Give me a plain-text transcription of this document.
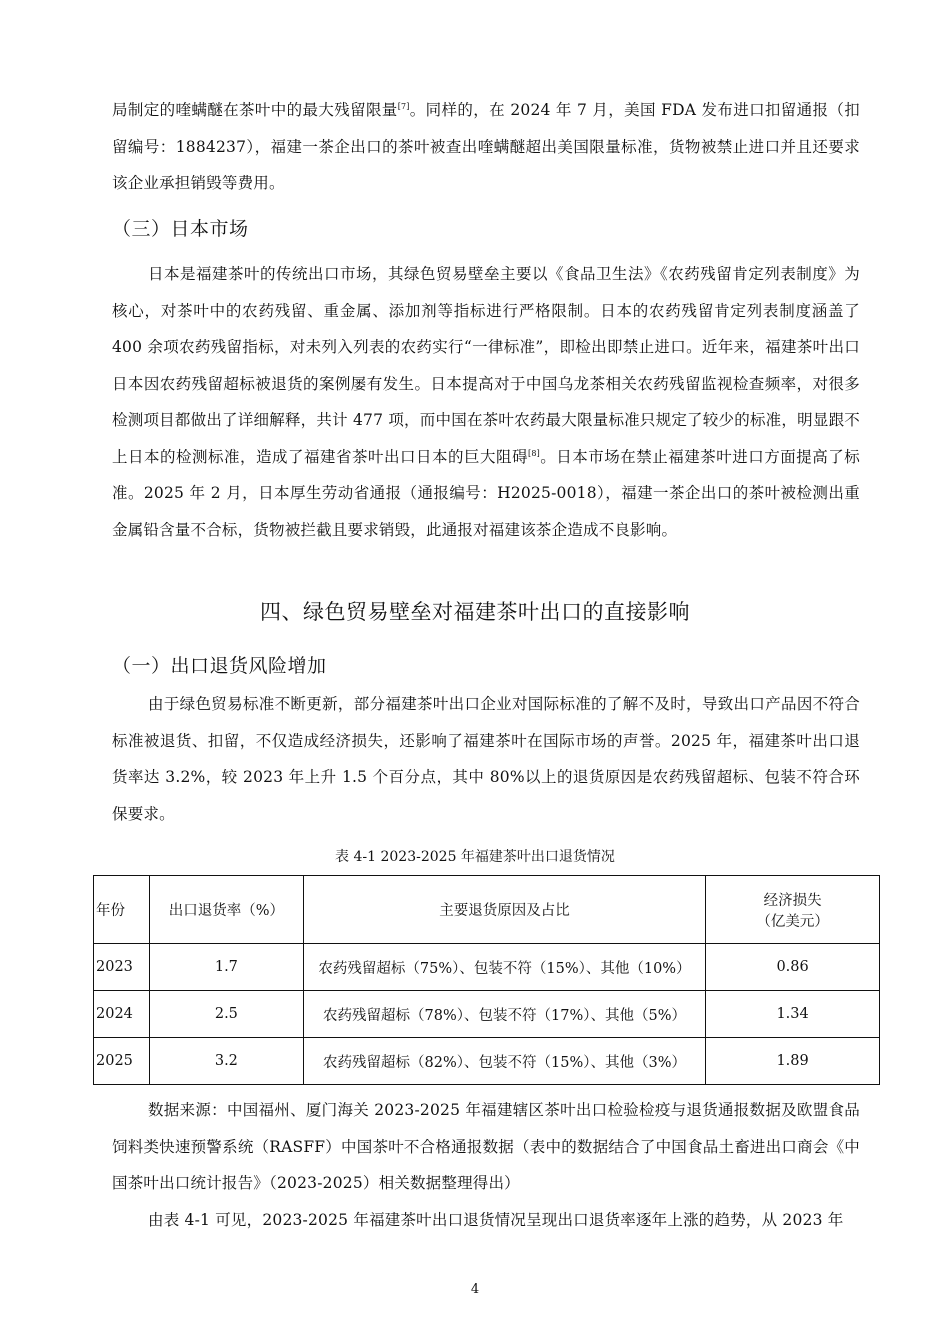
局制定的喹螨醚在茶叶中的最大残留限量[7]。同样的，在 2024 年 7 月，美国 FDA 发布进口扣留通报（扣留编号：1884237），福建一茶企出口的茶叶被查出喹螨醚超出美国限量标准，货物被禁止进口并且还要求该企业承担销毁等费用。

（三）日本市场

日本是福建茶叶的传统出口市场，其绿色贸易壁垒主要以《食品卫生法》《农药残留肯定列表制度》为核心，对茶叶中的农药残留、重金属、添加剂等指标进行严格限制。日本的农药残留肯定列表制度涵盖了 400 余项农药残留指标，对未列入列表的农药实行“一律标准”，即检出即禁止进口。近年来，福建茶叶出口日本因农药残留超标被退货的案例屡有发生。日本提高对于中国乌龙茶相关农药残留监视检查频率，对很多检测项目都做出了详细解释，共计 477 项，而中国在茶叶农药最大限量标准只规定了较少的标准，明显跟不上日本的检测标准，造成了福建省茶叶出口日本的巨大阻碍[8]。日本市场在禁止福建茶叶进口方面提高了标准。2025 年 2 月，日本厚生劳动省通报（通报编号：H2025-0018），福建一茶企出口的茶叶被检测出重金属铅含量不合标，货物被拦截且要求销毁，此通报对福建该茶企造成不良影响。

四、绿色贸易壁垒对福建茶叶出口的直接影响
（一）出口退货风险增加

由于绿色贸易标准不断更新，部分福建茶叶出口企业对国际标准的了解不及时，导致出口产品因不符合标准被退货、扣留，不仅造成经济损失，还影响了福建茶叶在国际市场的声誉。2025 年，福建茶叶出口退货率达 3.2%，较 2023 年上升 1.5 个百分点，其中 80%以上的退货原因是农药残留超标、包装不符合环保要求。

表 4-1 2023-2025 年福建茶叶出口退货情况

年份	出口退货率（%）	主要退货原因及占比	经济损失
（亿美元）

2023	1.7	农药残留超标（75%）、包装不符（15%）、其他（10%）	0.86
2024	2.5	农药残留超标（78%）、包装不符（17%）、其他（5%）	1.34
2025	3.2	农药残留超标（82%）、包装不符（15%）、其他（3%）	1.89

数据来源：中国福州、厦门海关 2023-2025 年福建辖区茶叶出口检验检疫与退货通报数据及欧盟食品饲料类快速预警系统（RASFF）中国茶叶不合格通报数据（表中的数据结合了中国食品土畜进出口商会《中国茶叶出口统计报告》（2023-2025）相关数据整理得出）

由表 4-1 可见，2023-2025 年福建茶叶出口退货情况呈现出口退货率逐年上涨的趋势，从 2023 年

4
